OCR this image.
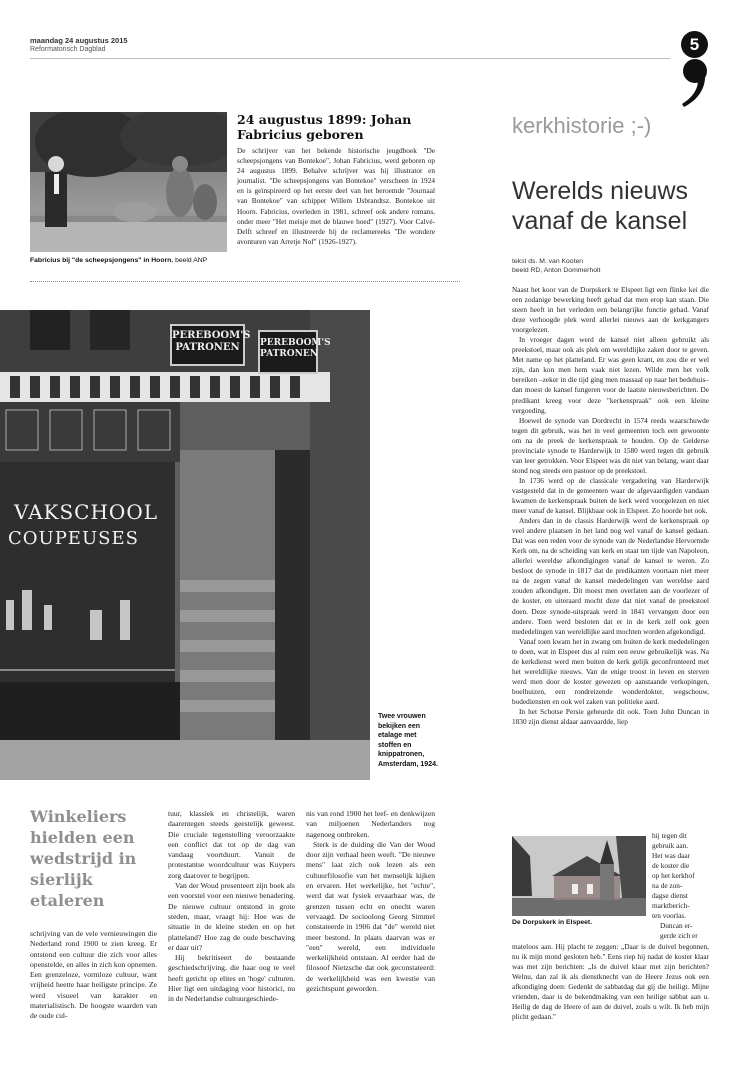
maandag 24 augustus 2015
Reformatorisch Dagblad	5
Fabricius bij "de scheepsjongens" in Hoorn. beeld ANP
24 augustus 1899: Johan Fabricius geboren
De schrijver van het bekende historische jeugdboek "De scheepsjongens van Bontekoe", Johan Fabricius, werd geboren op 24 augustus 1899. Behalve schrijver was hij illustrator en journalist. "De scheepsjongens van Bontekoe" verscheen in 1924 en is geïnspireerd op het eerste deel van het beroemde "Journaal van Bontekoe" van schipper Willem IJsbrandtsz. Bontekoe uit Hoorn. Fabricius, overleden in 1981, schreef ook andere romans, onder meer "Het meisje met de blauwe hoed" (1927). Voor Calvé-Delft schreef en illustreerde hij de reclamereeks "De wondere avonturen van Arretje Nof" (1926-1927).
PEREBOOM'S PATRONEN	PEREBOOM'S PATRONEN
VAKSCHOOL
COUPEUSES
Twee vrouwen bekijken een etalage met stoffen en knippatronen, Amsterdam, 1924.
Winkeliers hielden een wedstrijd in sierlijk etaleren
schrijving van de vele vernieuwingen die Nederland rond 1900 te zien kreeg. Er ontstond een cultuur die zich voor alles openstelde, en alles in zich kon opnemen. Een grenzeloze, vormloze cultuur, want vrijheid heette haar heiligste principe. Ze werd visueel van karakter en materialistisch. De hoogste waarden van de oude cul-

tuur, klassiek en christelijk, waren daarentegen steeds geestelijk geweest. Die cruciale tegenstelling veroorzaakte een conflict dat tot op de dag van vandaag voortduurt. Vanuit de protestantse woordcultuur was Kuypers zorg daarover te begrijpen.

Van der Woud presenteert zijn boek als een voorstel voor een nieuwe benadering. De nieuwe cultuur ontstond in grote steden, maar, vraagt hij: Hoe was de situatie in de kleine steden en op het platteland? Hoe zag de oude beschaving er daar uit?

Hij bekritiseert de bestaande geschiedschrijving, die haar oog te veel heeft gericht op elites en 'hoge' culturen. Hier ligt een uitdaging voor historici, nu in de Nederlandse cultuurgeschiede-

nis van rond 1900 het leef- en denkwijzen van miljoenen Nederlanders nog nagenoeg ontbreken.

Sterk is de duiding die Van der Woud door zijn verhaal heen weeft. "De nieuwe mens" laat zich ook lezen als een cultuurfilosofie van het menselijk kijken en ervaren. Het werkelijke, het "echte", werd dat wat fysiek ervaarbaar was, de grenzen tussen echt en onecht waren vervaagd. De sociooloog Georg Simmel constateerde in 1906 dat "de" wereld niet meer bestond. In plaats daarvan was er "een" wereld, een individuele werkelijkheid ontstaan. Al eerder had de filosoof Nietzsche dat ook geconstateerd: de werkelijkheid was een kwestie van gezichtspunt geworden.

kerkhistorie ;-)
Werelds nieuws vanaf de kansel
tekst ds. M. van Kooten
beeld RD, Anton Dommerholt

Naast het koor van de Dorpskerk te Elspeet ligt een flinke kei die een zodanige bewerking heeft gehad dat men erop kan staan. Die steen heeft in het verleden een belangrijke functie gehad. Vanaf deze verhoogde plek werd allerlei nieuws aan de kerkgangers voorgelezen.

In vroeger dagen werd de kansel niet alleen gebruikt als preekstoel, maar ook als plek om wereldlijke zaken door te geven. Met name op het platteland. Er was geen krant, en zou die er wel zijn, dan kon men hem vaak niet lezen. Wilde men het volk bereiken –zeker in die tijd ging men massaal op naar het bedehuis– dan moest de kansel fungeren voor de laatste nieuwsberichten. De predikant kreeg voor deze "kerkenspraak" ook een kleine vergoeding.

Hoewel de synode van Dordrecht in 1574 reeds waarschuwde tegen dit gebruik, was het in veel gemeenten toch een gewoonte om na de preek de kerkenspraak te houden. Op de Gelderse provinciale synode te Harderwijk in 1580 werd tegen dit gebruik van leer getrokken. Voor Elspeet was dit niet van belang, want daar stond nog steeds een pastoor op de preekstoel.

In 1736 werd op de classicale vergadering van Harderwijk vastgesteld dat in de gemeenten waar de afgevaardigden vandaan kwamen de kerkenspraak buiten de kerk werd voorgelezen en niet meer vanaf de kansel. Blijkbaar ook in Elspeet. Zo hoorde het ook.

Anders dan in de classis Harderwijk werd de kerkenspraak op veel andere plaatsen in het land nog wel vanaf de kansel gedaan. Dat was een reden voor de synode van de Nederlandse Hervormde Kerk om, na de scheiding van kerk en staat ten tijde van Napoleon, allerlei wereldse afkondigingen vanaf de kansel te weren. Zo besloot de synode in 1817 dat de predikanten voortaan niet meer na de zegen vanaf de kansel mededelingen van wereldse aard zouden afkondigen. Dit moest men overlaten aan de voorlezer of de koster, en uiteraard mocht deze dat niet vanaf de preekstoel doen. Deze synode-uitspraak werd in 1841 vervangen door een andere. Toen werd besloten dat er in de kerk zelf ook geen mededelingen van wereldlijke aard mochten worden afgekondigd.

Vanaf toen kwam het in zwang om buiten de kerk mededelingen te doen, wat in Elspeet dus al ruim een eeuw gebruikelijk was. Na de kerkdienst werd men buiten de kerk gelijk geconfronteerd met het wereldlijke nieuws. Van de enige troost in leven en sterven werd men door de koster gewezen op aanstaande verkopingen, boelhuizen, een rondreizende wonderdokter, wegschouw, bodediensten en ook wel zaken van politieke aard.

In het Schotse Persie gebeurde dit ook. Toen John Duncan in 1830 zijn dienst aldaar aanvaardde, liep

De Dorpskerk in Elspeet.
hij tegen dit
gebruik aan.
Het was daar
de koster die
op het kerkhof
na de zon-
dagse dienst
marktberich-
ten voorlas.
Duncan er-
gerde zich er
mateloos aan. Hij placht te zeggen: „Daar is de duivel begonnen, nu ik mijn mond gesloten heb." Eens riep hij nadat de koster klaar was met zijn berichten: „Is de duivel klaar met zijn berichten? Welnu, dan zal ik als dienstknecht van de Heere Jezus ook een afkondiging doen: Gedenkt de sabbatdag dat gij die heiligt. Mijne vrienden, daar is de bekendmaking van een heilige sabbat aan u. Heilig de dag de Heere of aan de duivel, zoals u wilt. Ik heb mijn plicht gedaan."
